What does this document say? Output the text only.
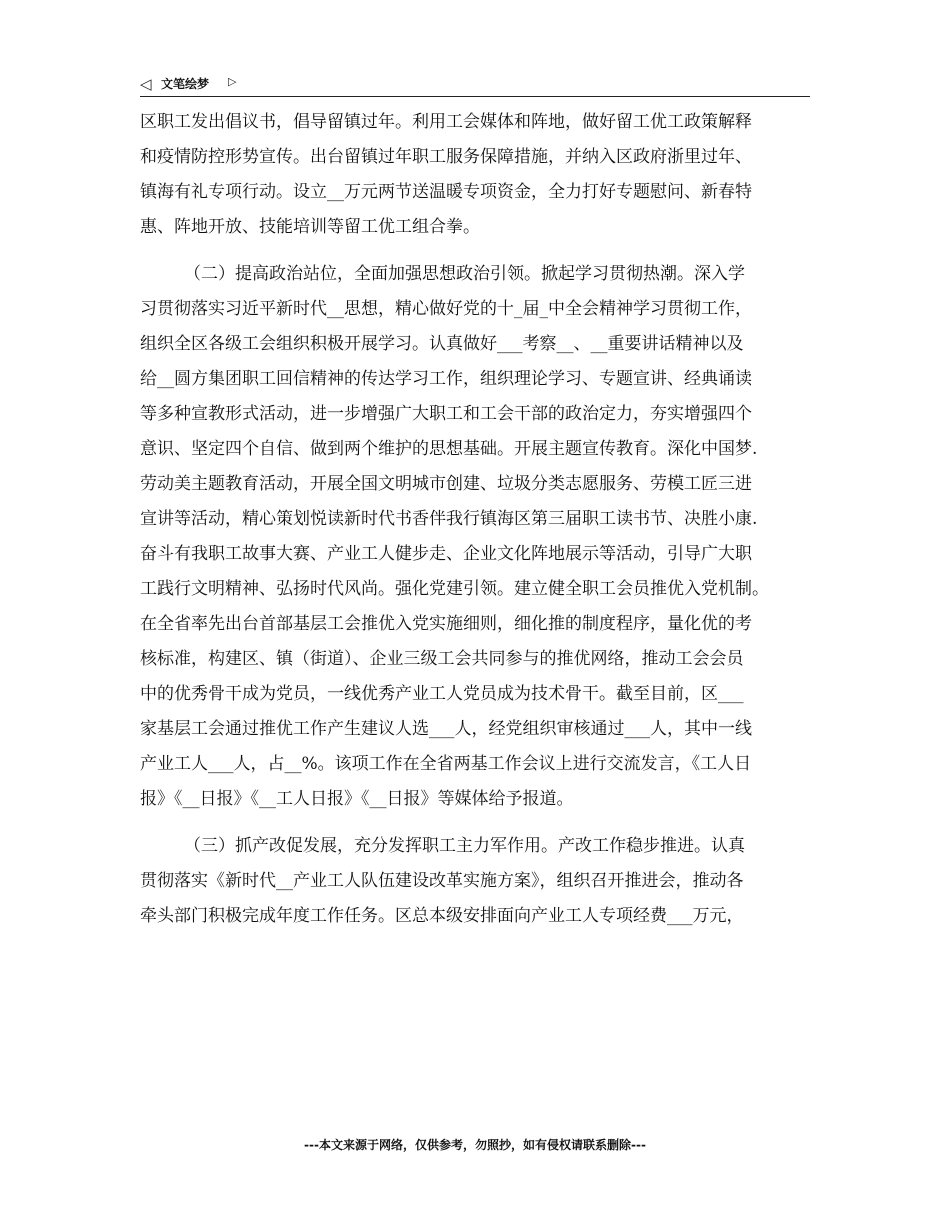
◁ 文笔绘梦 ▷
区职工发出倡议书，倡导留镇过年。利用工会媒体和阵地，做好留工优工政策解释
和疫情防控形势宣传。出台留镇过年职工服务保障措施，并纳入区政府浙里过年、
镇海有礼专项行动。设立__万元两节送温暖专项资金，全力打好专题慰问、新春特
惠、阵地开放、技能培训等留工优工组合拳。
（二）提高政治站位，全面加强思想政治引领。掀起学习贯彻热潮。深入学
习贯彻落实习近平新时代__思想，精心做好党的十_届_中全会精神学习贯彻工作，
组织全区各级工会组织积极开展学习。认真做好___考察__、__重要讲话精神以及
给__圆方集团职工回信精神的传达学习工作，组织理论学习、专题宣讲、经典诵读
等多种宣教形式活动，进一步增强广大职工和工会干部的政治定力，夯实增强四个
意识、坚定四个自信、做到两个维护的思想基础。开展主题宣传教育。深化中国梦.
劳动美主题教育活动，开展全国文明城市创建、垃圾分类志愿服务、劳模工匠三进
宣讲等活动，精心策划悦读新时代书香伴我行镇海区第三届职工读书节、决胜小康.
奋斗有我职工故事大赛、产业工人健步走、企业文化阵地展示等活动，引导广大职
工践行文明精神、弘扬时代风尚。强化党建引领。建立健全职工会员推优入党机制。
在全省率先出台首部基层工会推优入党实施细则，细化推的制度程序，量化优的考
核标准，构建区、镇（街道）、企业三级工会共同参与的推优网络，推动工会会员
中的优秀骨干成为党员，一线优秀产业工人党员成为技术骨干。截至目前，区___
家基层工会通过推优工作产生建议人选___人，经党组织审核通过___人，其中一线
产业工人___人，占__%。该项工作在全省两基工作会议上进行交流发言，《工人日
报》《__日报》《__工人日报》《__日报》等媒体给予报道。
（三）抓产改促发展，充分发挥职工主力军作用。产改工作稳步推进。认真
贯彻落实《新时代__产业工人队伍建设改革实施方案》，组织召开推进会，推动各
牵头部门积极完成年度工作任务。区总本级安排面向产业工人专项经费___万元，
---本文来源于网络，仅供参考，勿照抄，如有侵权请联系删除---
